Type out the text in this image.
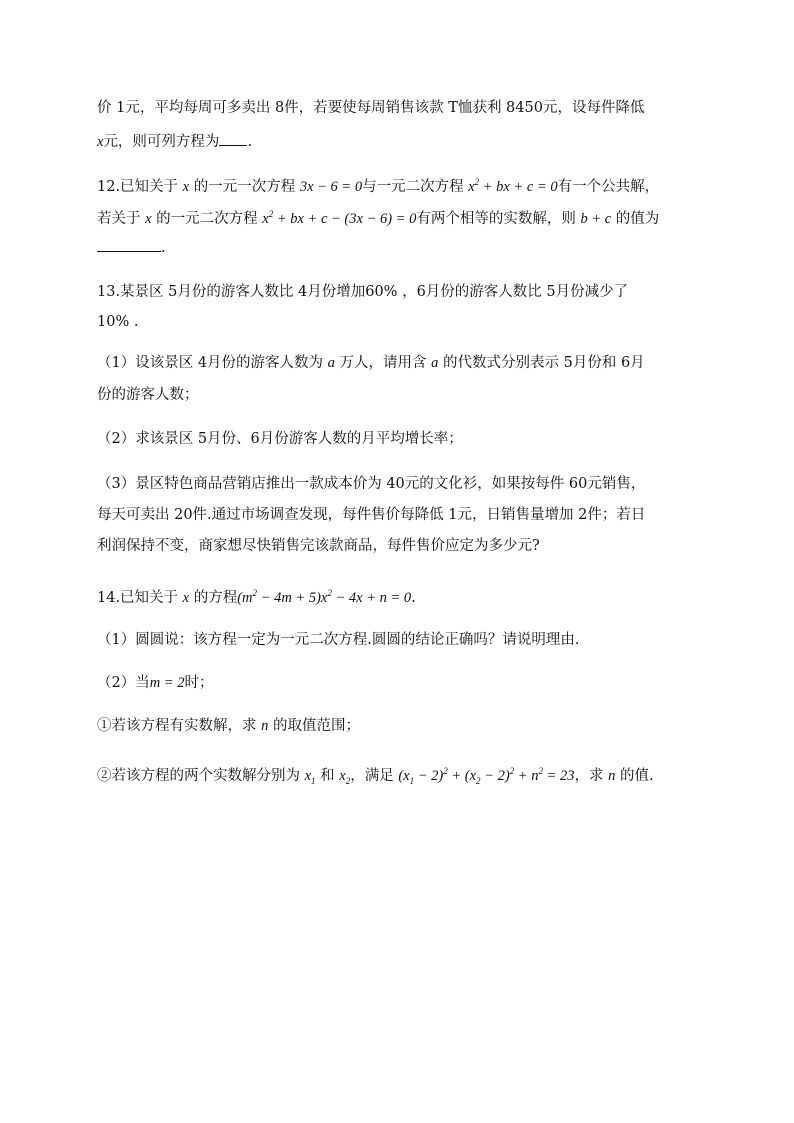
价 1元，平均每周可多卖出 8件，若要使每周销售该款 T恤获利 8450元，设每件降低
x元，则可列方程为 .
12.已知关于 x 的一元一次方程 3x − 6 = 0与一元二次方程 $x^2$ + bx + c = 0有一个公共解，
若关于 x 的一元二次方程 $x^2$ + bx + c − (3x − 6) = 0有两个相等的实数解，则 b + c 的值为
.
13.某景区 5月份的游客人数比 4月份增加60% ，6月份的游客人数比 5月份减少了
10% .
（1）设该景区 4月份的游客人数为 a 万人，请用含 a 的代数式分别表示 5月份和 6月
份的游客人数；
（2）求该景区 5月份、6月份游客人数的月平均增长率；
（3）景区特色商品营销店推出一款成本价为 40元的文化衫，如果按每件 60元销售，
每天可卖出 20件.通过市场调查发现，每件售价每降低 1元，日销售量增加 2件；若日
利润保持不变，商家想尽快销售完该款商品，每件售价应定为多少元?
14.已知关于 x 的方程$(m^2 - 4m + 5)x^2 - 4x + n = 0$.
（1）圆圆说：该方程一定为一元二次方程.圆圆的结论正确吗？请说明理由.
（2）当m = 2时；
①若该方程有实数解，求 n 的取值范围；
②若该方程的两个实数解分别为 $x_1$ 和 $x_2$，满足 $(x_1 - 2)^2 + (x_2 - 2)^2 + n^2 = 23$，求 n 的值.
